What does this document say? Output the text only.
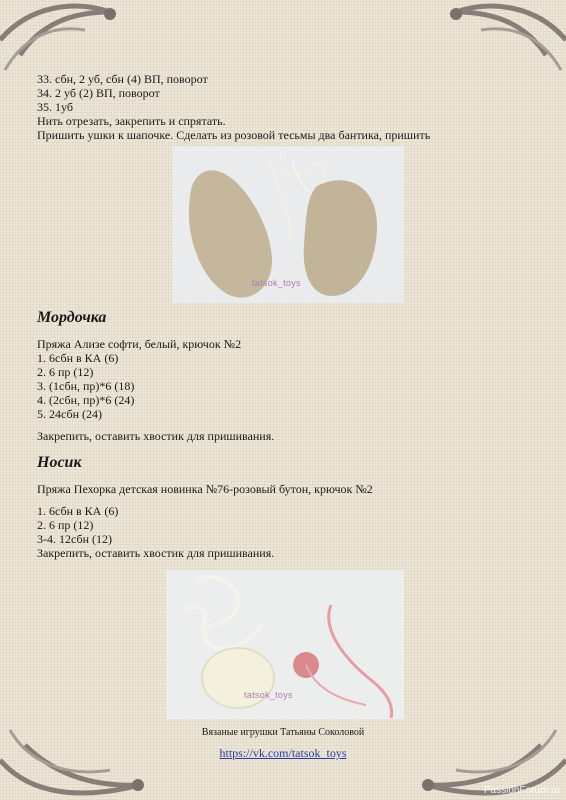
33. сбн, 2 уб, сбн (4) ВП, поворот
34. 2 уб (2) ВП, поворот
35. 1уб
Нить отрезать, закрепить и спрятать.
Пришить ушки к шапочке. Сделать из розовой тесьмы два бантика, пришить
tatsok_toys
Мордочка
Пряжа Ализе софти, белый, крючок №2
1. 6сбн в КА (6)
2. 6 пр (12)
3. (1сбн, пр)*6 (18)
4. (2сбн, пр)*6 (24)
5. 24сбн (24)
Закрепить, оставить хвостик для пришивания.
Носик
Пряжа Пехорка детская новинка №76-розовый бутон, крючок №2
1. 6сбн в КА (6)
2. 6 пр (12)
3-4. 12сбн (12)
Закрепить, оставить хвостик для пришивания.
tatsok_toys
Вязаные игрушки Татьяны Соколовой
https://vk.com/tatsok_toys
PassionForum.ru
